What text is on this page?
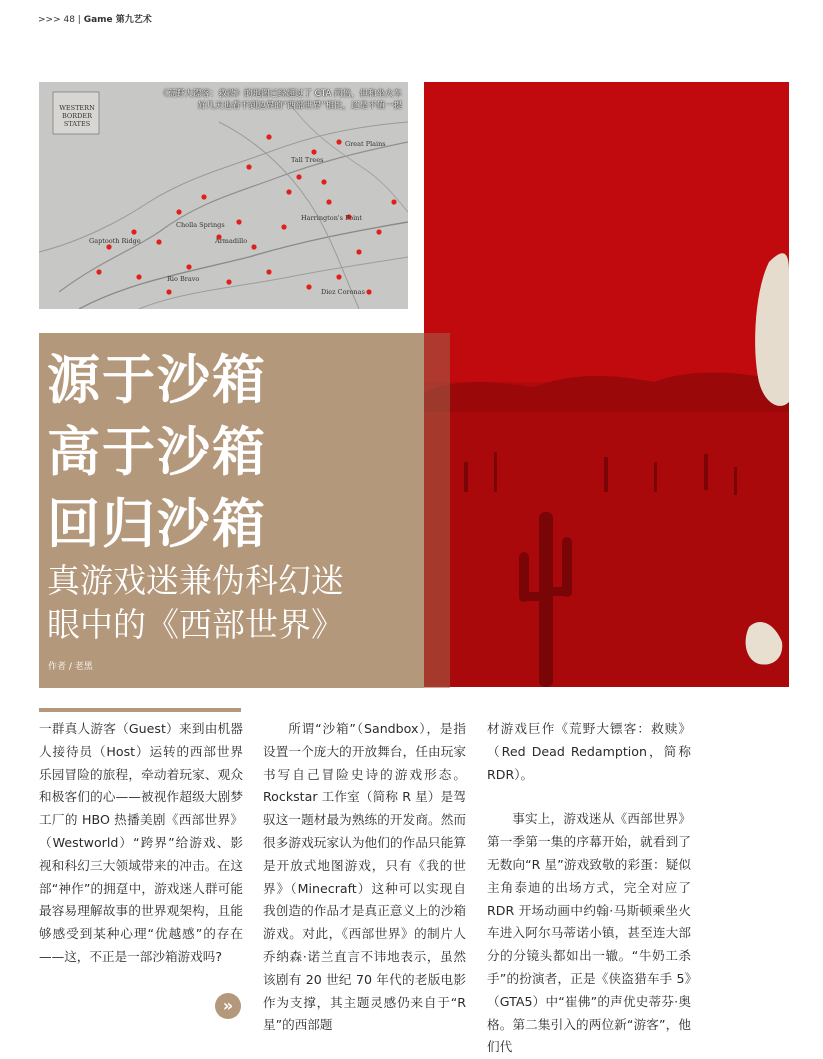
>>> 48 | Game 第九艺术
《荒野大镖客：救赎》的地图已经超过了 GTA 两倍，但和坐火车好几天也看不到边界的“西部世界”相比，还是不值一提
WESTERN BORDER STATES
Tall Trees
Great Plains
Cholla Springs
Harrington's Point
Gaptooth Ridge	Armadillo
Rio Bravo
Diez Coronas
源于沙箱
高于沙箱
回归沙箱
真游戏迷兼伪科幻迷
眼中的《西部世界》
作者 / 老黑

一群真人游客（Guest）来到由机器人接待员（Host）运转的西部世界乐园冒险的旅程，牵动着玩家、观众和极客们的心——被视作超级大剧梦工厂的 HBO 热播美剧《西部世界》（Westworld）“跨界”给游戏、影视和科幻三大领域带来的冲击。在这部“神作”的拥趸中，游戏迷人群可能最容易理解故事的世界观架构，且能够感受到某种心理“优越感”的存在——这，不正是一部沙箱游戏吗?

所谓“沙箱”（Sandbox），是指设置一个庞大的开放舞台，任由玩家书写自己冒险史诗的游戏形态。Rockstar 工作室（简称 R 星）是驾驭这一题材最为熟练的开发商。然而很多游戏玩家认为他们的作品只能算是开放式地图游戏，只有《我的世界》（Minecraft）这种可以实现自我创造的作品才是真正意义上的沙箱游戏。对此，《西部世界》的制片人乔纳森·诺兰直言不讳地表示，虽然该剧有 20 世纪 70 年代的老版电影作为支撑，其主题灵感仍来自于“R 星”的西部题

材游戏巨作《荒野大镖客：救赎》（Red Dead Redamption，简称 RDR）。

事实上，游戏迷从《西部世界》第一季第一集的序幕开始，就看到了无数向“R 星”游戏致敬的彩蛋：疑似主角泰迪的出场方式，完全对应了 RDR 开场动画中约翰·马斯顿乘坐火车进入阿尔马蒂诺小镇，甚至连大部分的分镜头都如出一辙。“牛奶工杀手”的扮演者，正是《侠盗猎车手 5》（GTA5）中“崔佛”的声优史蒂芬·奥格。第二集引入的两位新“游客”，他们代

»
